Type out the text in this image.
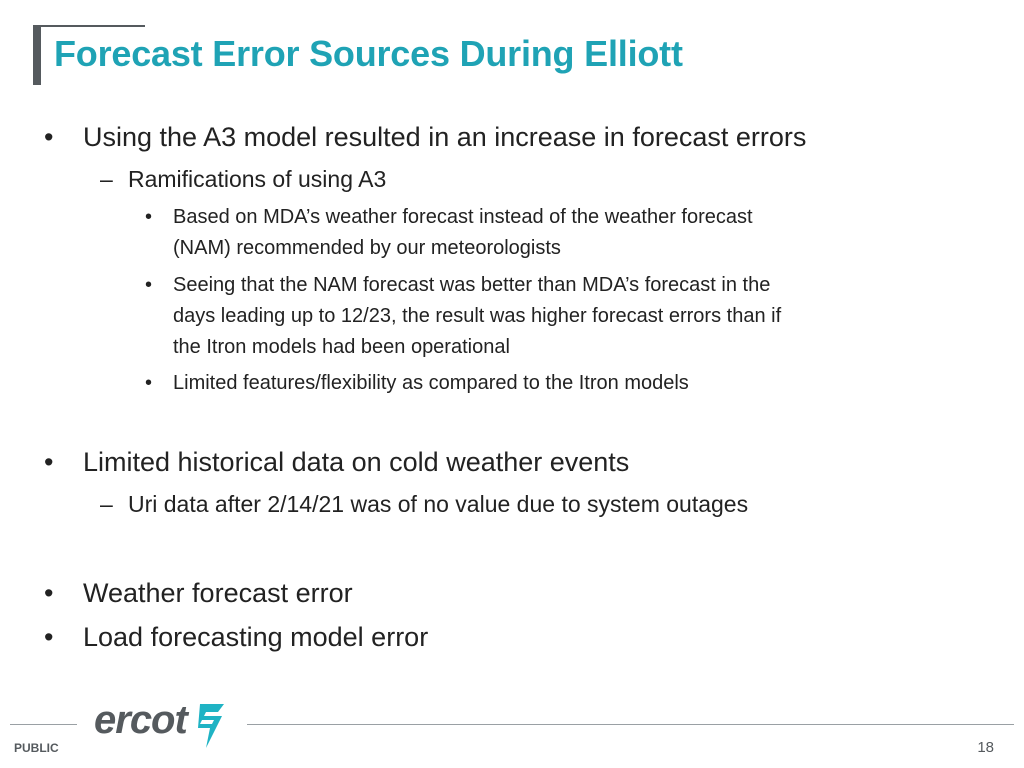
Forecast Error Sources During Elliott
• Using the A3 model resulted in an increase in forecast errors
– Ramifications of using A3
• Based on MDA’s weather forecast instead of the weather forecast
(NAM) recommended by our meteorologists
• Seeing that the NAM forecast was better than MDA’s forecast in the
days leading up to 12/23, the result was higher forecast errors than if
the Itron models had been operational
• Limited features/flexibility as compared to the Itron models
• Limited historical data on cold weather events
– Uri data after 2/14/21 was of no value due to system outages
• Weather forecast error
• Load forecasting model error
ercot
PUBLIC	18
